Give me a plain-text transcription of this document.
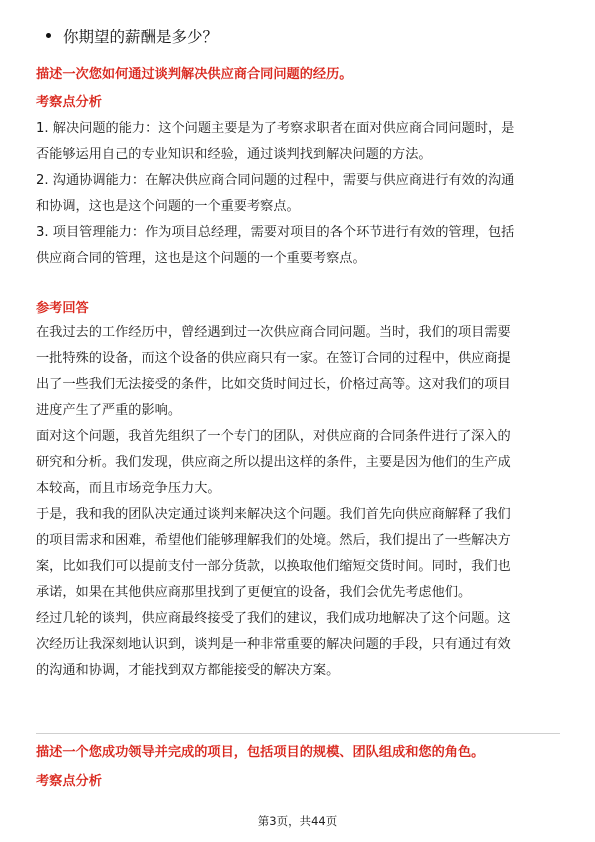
你期望的薪酬是多少？
描述一次您如何通过谈判解决供应商合同问题的经历。
考察点分析
1. 解决问题的能力：这个问题主要是为了考察求职者在面对供应商合同问题时，是
否能够运用自己的专业知识和经验，通过谈判找到解决问题的方法。
2. 沟通协调能力：在解决供应商合同问题的过程中，需要与供应商进行有效的沟通
和协调，这也是这个问题的一个重要考察点。
3. 项目管理能力：作为项目总经理，需要对项目的各个环节进行有效的管理，包括
供应商合同的管理，这也是这个问题的一个重要考察点。
参考回答
在我过去的工作经历中，曾经遇到过一次供应商合同问题。当时，我们的项目需要
一批特殊的设备，而这个设备的供应商只有一家。在签订合同的过程中，供应商提
出了一些我们无法接受的条件，比如交货时间过长，价格过高等。这对我们的项目
进度产生了严重的影响。
面对这个问题，我首先组织了一个专门的团队，对供应商的合同条件进行了深入的
研究和分析。我们发现，供应商之所以提出这样的条件，主要是因为他们的生产成
本较高，而且市场竞争压力大。
于是，我和我的团队决定通过谈判来解决这个问题。我们首先向供应商解释了我们
的项目需求和困难，希望他们能够理解我们的处境。然后，我们提出了一些解决方
案，比如我们可以提前支付一部分货款，以换取他们缩短交货时间。同时，我们也
承诺，如果在其他供应商那里找到了更便宜的设备，我们会优先考虑他们。
经过几轮的谈判，供应商最终接受了我们的建议，我们成功地解决了这个问题。这
次经历让我深刻地认识到，谈判是一种非常重要的解决问题的手段，只有通过有效
的沟通和协调，才能找到双方都能接受的解决方案。
描述一个您成功领导并完成的项目，包括项目的规模、团队组成和您的角色。
考察点分析
第3页，共44页
